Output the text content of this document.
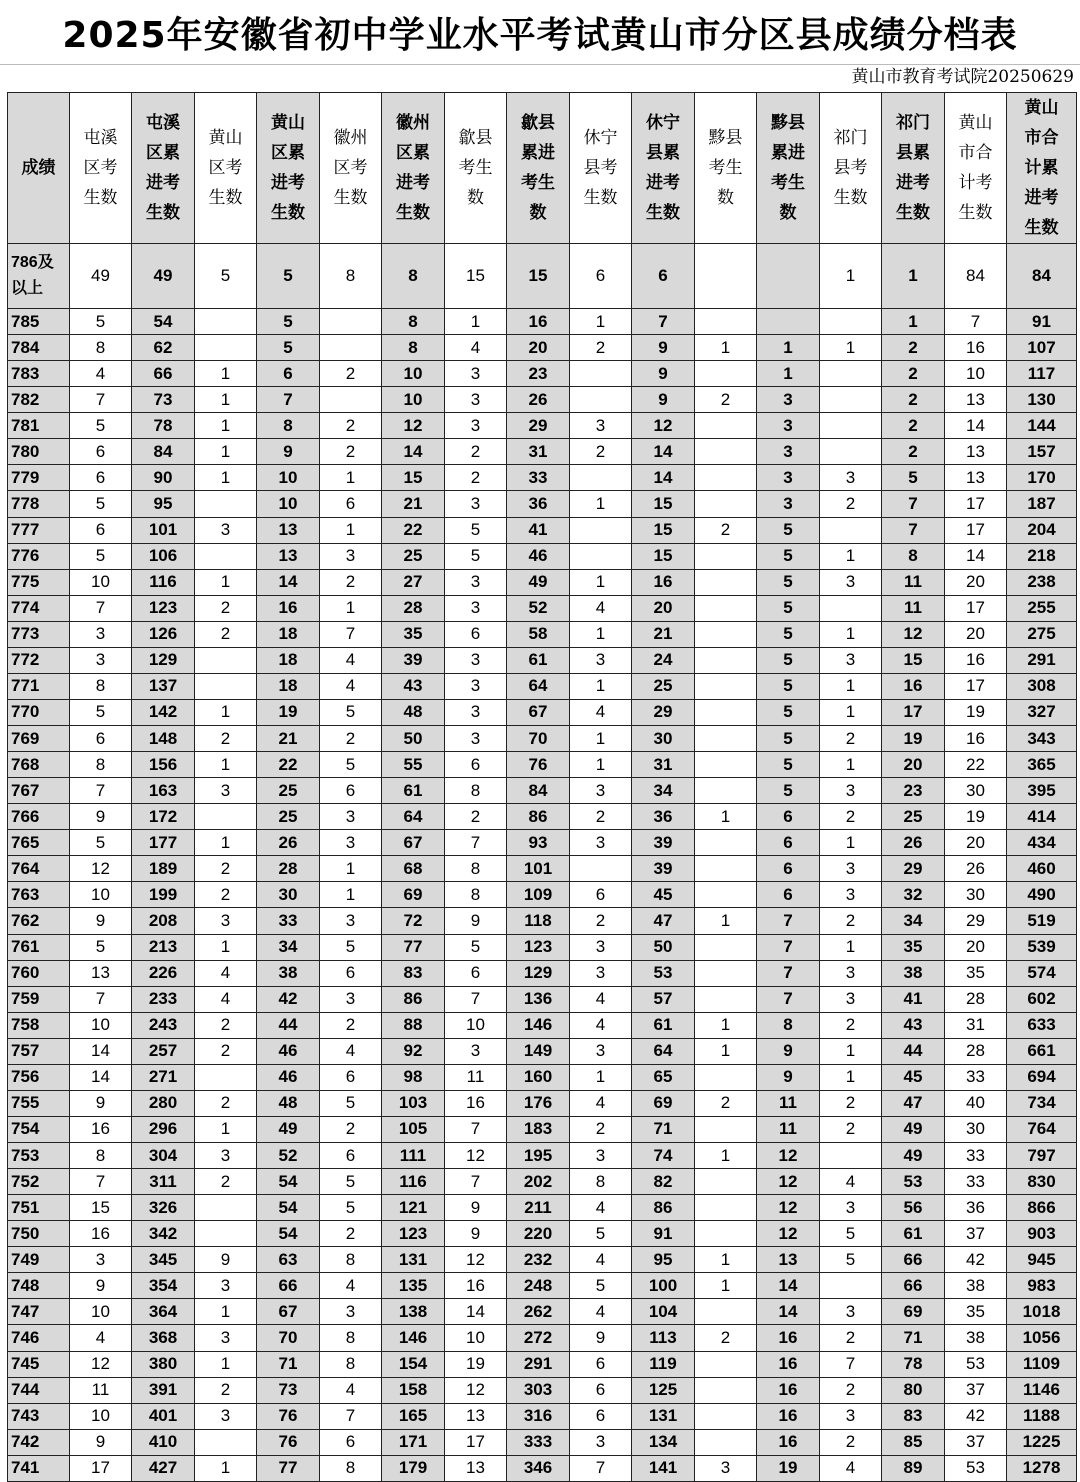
2025年安徽省初中学业水平考试黄山市分区县成绩分档表
黄山市教育考试院20250629
成绩	屯溪区考生数	屯溪区累进考生数	黄山区考生数	黄山区累进考生数	徽州区考生数	徽州区累进考生数	歙县考生数	歙县累进考生数	休宁县考生数	休宁县累进考生数	黟县考生数	黟县累进考生数	祁门县考生数	祁门县累进考生数	黄山市合计考生数	黄山市合计累进考生数
786及以上	49	49	5	5	8	8	15	15	6	6			1	1	84	84
785	5	54		5		8	1	16	1	7				1	7	91
784	8	62		5		8	4	20	2	9	1	1	1	2	16	107
783	4	66	1	6	2	10	3	23		9		1		2	10	117
782	7	73	1	7		10	3	26		9	2	3		2	13	130
781	5	78	1	8	2	12	3	29	3	12		3		2	14	144
780	6	84	1	9	2	14	2	31	2	14		3		2	13	157
779	6	90	1	10	1	15	2	33		14		3	3	5	13	170
778	5	95		10	6	21	3	36	1	15		3	2	7	17	187
777	6	101	3	13	1	22	5	41		15	2	5		7	17	204
776	5	106		13	3	25	5	46		15		5	1	8	14	218
775	10	116	1	14	2	27	3	49	1	16		5	3	11	20	238
774	7	123	2	16	1	28	3	52	4	20		5		11	17	255
773	3	126	2	18	7	35	6	58	1	21		5	1	12	20	275
772	3	129		18	4	39	3	61	3	24		5	3	15	16	291
771	8	137		18	4	43	3	64	1	25		5	1	16	17	308
770	5	142	1	19	5	48	3	67	4	29		5	1	17	19	327
769	6	148	2	21	2	50	3	70	1	30		5	2	19	16	343
768	8	156	1	22	5	55	6	76	1	31		5	1	20	22	365
767	7	163	3	25	6	61	8	84	3	34		5	3	23	30	395
766	9	172		25	3	64	2	86	2	36	1	6	2	25	19	414
765	5	177	1	26	3	67	7	93	3	39		6	1	26	20	434
764	12	189	2	28	1	68	8	101		39		6	3	29	26	460
763	10	199	2	30	1	69	8	109	6	45		6	3	32	30	490
762	9	208	3	33	3	72	9	118	2	47	1	7	2	34	29	519
761	5	213	1	34	5	77	5	123	3	50		7	1	35	20	539
760	13	226	4	38	6	83	6	129	3	53		7	3	38	35	574
759	7	233	4	42	3	86	7	136	4	57		7	3	41	28	602
758	10	243	2	44	2	88	10	146	4	61	1	8	2	43	31	633
757	14	257	2	46	4	92	3	149	3	64	1	9	1	44	28	661
756	14	271		46	6	98	11	160	1	65		9	1	45	33	694
755	9	280	2	48	5	103	16	176	4	69	2	11	2	47	40	734
754	16	296	1	49	2	105	7	183	2	71		11	2	49	30	764
753	8	304	3	52	6	111	12	195	3	74	1	12		49	33	797
752	7	311	2	54	5	116	7	202	8	82		12	4	53	33	830
751	15	326		54	5	121	9	211	4	86		12	3	56	36	866
750	16	342		54	2	123	9	220	5	91		12	5	61	37	903
749	3	345	9	63	8	131	12	232	4	95	1	13	5	66	42	945
748	9	354	3	66	4	135	16	248	5	100	1	14		66	38	983
747	10	364	1	67	3	138	14	262	4	104		14	3	69	35	1018
746	4	368	3	70	8	146	10	272	9	113	2	16	2	71	38	1056
745	12	380	1	71	8	154	19	291	6	119		16	7	78	53	1109
744	11	391	2	73	4	158	12	303	6	125		16	2	80	37	1146
743	10	401	3	76	7	165	13	316	6	131		16	3	83	42	1188
742	9	410		76	6	171	17	333	3	134		16	2	85	37	1225
741	17	427	1	77	8	179	13	346	7	141	3	19	4	89	53	1278
